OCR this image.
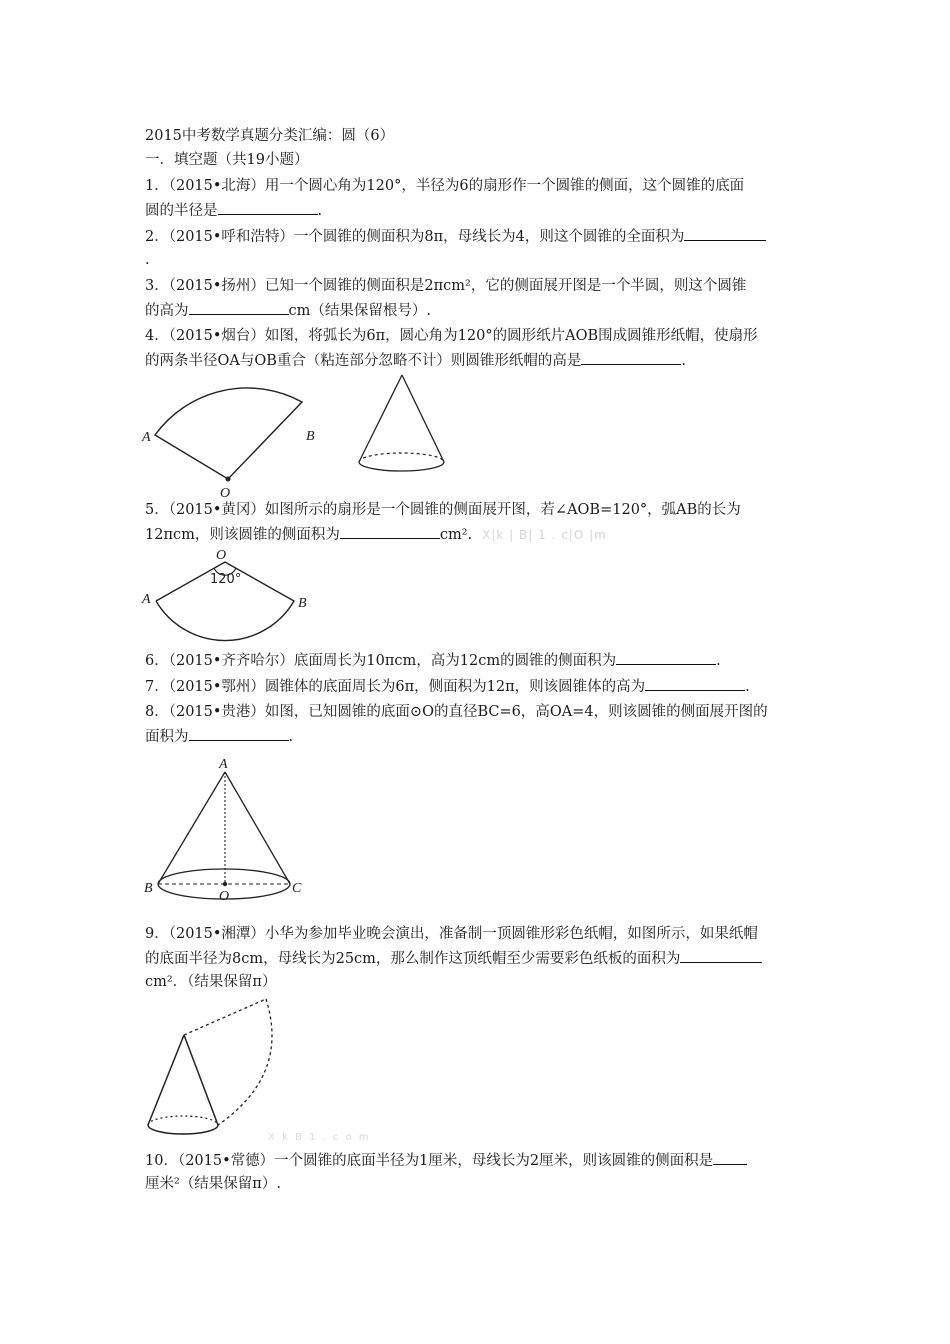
2015中考数学真题分类汇编：圆（6）
一．填空题（共19小题）
1．（2015•北海）用一个圆心角为120°，半径为6的扇形作一个圆锥的侧面，这个圆锥的底面
圆的半径是	.
2．（2015•呼和浩特）一个圆锥的侧面积为8π，母线长为4，则这个圆锥的全面积为
.
3．（2015•扬州）已知一个圆锥的侧面积是2πcm²，它的侧面展开图是一个半圆，则这个圆锥
的高为	cm（结果保留根号）.
4．（2015•烟台）如图，将弧长为6π，圆心角为120°的圆形纸片AOB围成圆锥形纸帽，使扇形
的两条半径OA与OB重合（粘连部分忽略不计）则圆锥形纸帽的高是	.
5．（2015•黄冈）如图所示的扇形是一个圆锥的侧面展开图，若∠AOB=120°，弧AB的长为
12πcm，则该圆锥的侧面积为	cm². X|k | B| 1 . c|O |m
6．（2015•齐齐哈尔）底面周长为10πcm，高为12cm的圆锥的侧面积为	.
7．（2015•鄂州）圆锥体的底面周长为6π，侧面积为12π，则该圆锥体的高为	.
8．（2015•贵港）如图，已知圆锥的底面⊙O的直径BC=6，高OA=4，则该圆锥的侧面展开图的
面积为	.
9．（2015•湘潭）小华为参加毕业晚会演出，准备制一顶圆锥形彩色纸帽，如图所示，如果纸帽
的底面半径为8cm，母线长为25cm，那么制作这顶纸帽至少需要彩色纸板的面积为
cm²．（结果保留π）
10．（2015•常德）一个圆锥的底面半径为1厘米，母线长为2厘米，则该圆锥的侧面积是
厘米²（结果保留π）.
A	B
O
A	B
O
120°
A
B	C
O
X k B 1 . c o m
